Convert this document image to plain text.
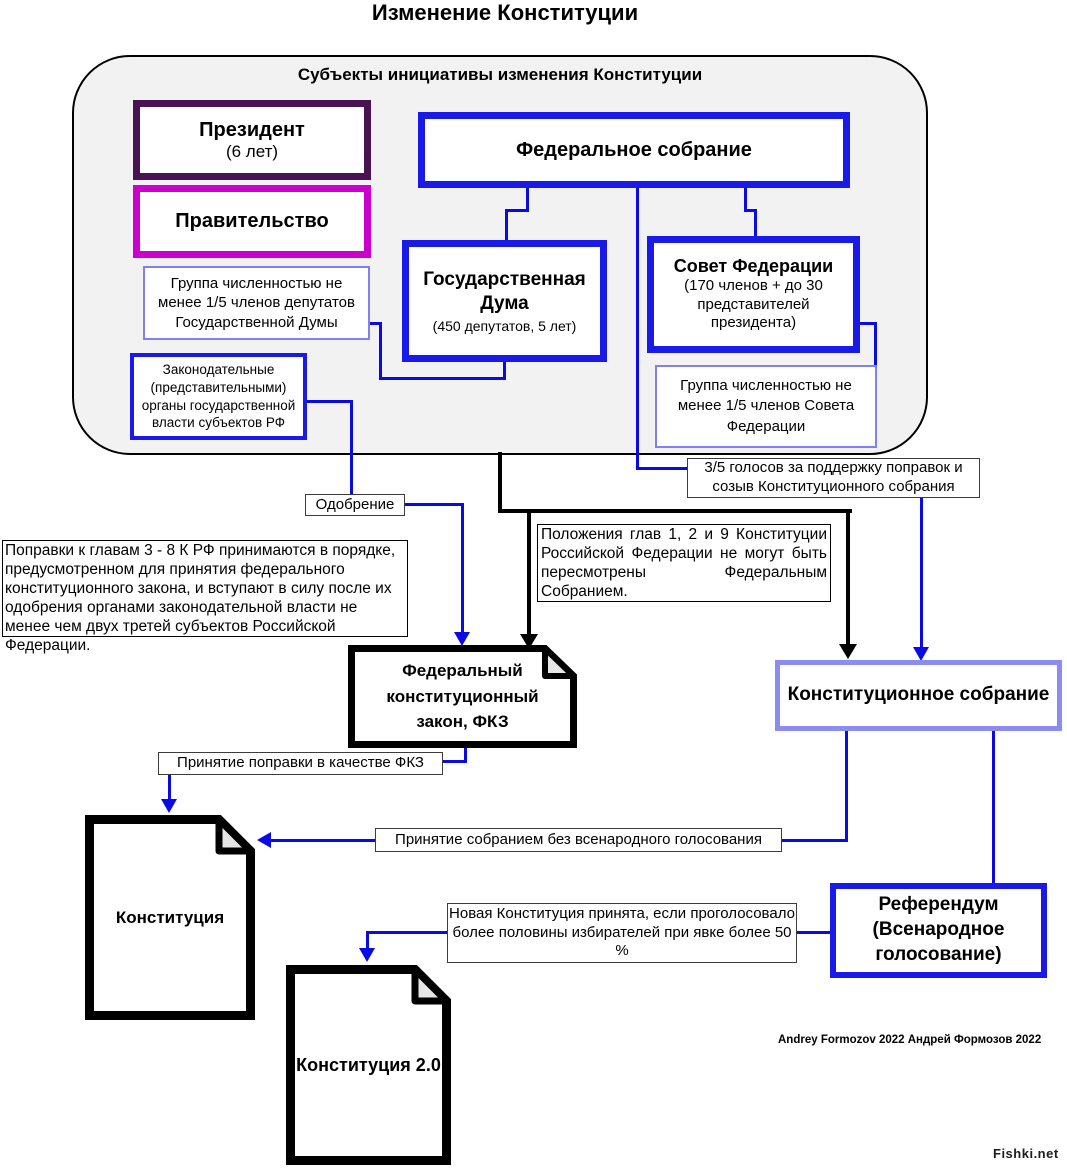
Изменение Конституции
Субъекты инициативы изменения Конституции
Президент
(6 лет)
Правительство
Федеральное собрание
Государственная Дума
(450 депутатов, 5 лет)
Совет Федерации
(170 членов + до 30 представителей президента)
Группа численностью не менее 1/5 членов депутатов Государственной Думы
Законодательные (представительными) органы государственной власти субъектов РФ
Группа численностью не менее 1/5 членов Совета Федерации
Одобрение
3/5 голосов за поддержку поправок и созыв Конституционного собрания
Поправки к главам 3 - 8 К РФ принимаются в порядке, предусмотренном для принятия федерального конституционного закона, и вступают в силу после их одобрения органами законодательной власти не менее чем двух третей субъектов Российской Федерации.
Положения глав 1, 2 и 9 Конституции Российской Федерации не могут быть пересмотрены Федеральным Собранием.
Принятие поправки в качестве ФКЗ
Принятие собранием без всенародного голосования
Новая Конституция принята, если проголосовало более половины избирателей при явке более 50 %
Федеральный конституционный закон, ФКЗ
Конституционное собрание
Конституция
Референдум (Всенародное голосование)
Конституция 2.0
Andrey Formozov 2022 Андрей Формозов 2022
Fishki.net
